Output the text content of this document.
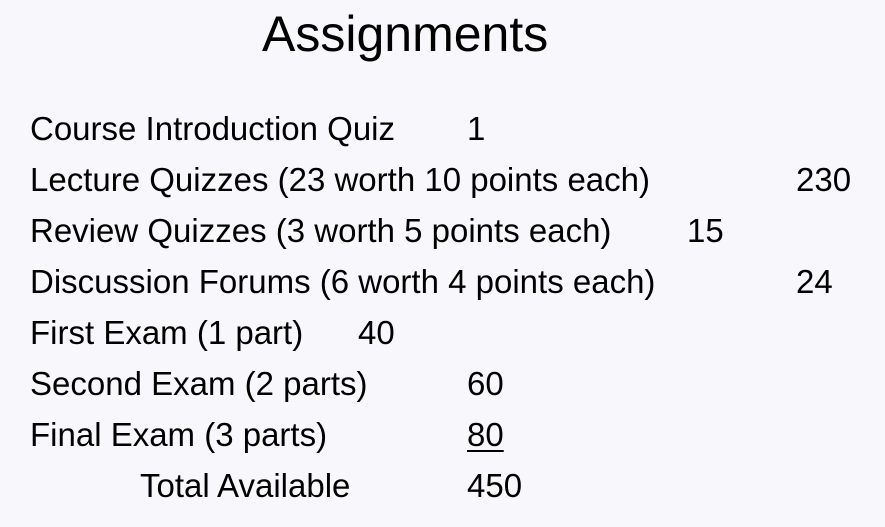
Assignments
Course Introduction Quiz 1
Lecture Quizzes (23 worth 10 points each)	230
Review Quizzes (3 worth 5 points each) 15
Discussion Forums (6 worth 4 points each)	24
First Exam (1 part) 40
Second Exam (2 parts)	60
Final Exam (3 parts)	80
Total Available	450
